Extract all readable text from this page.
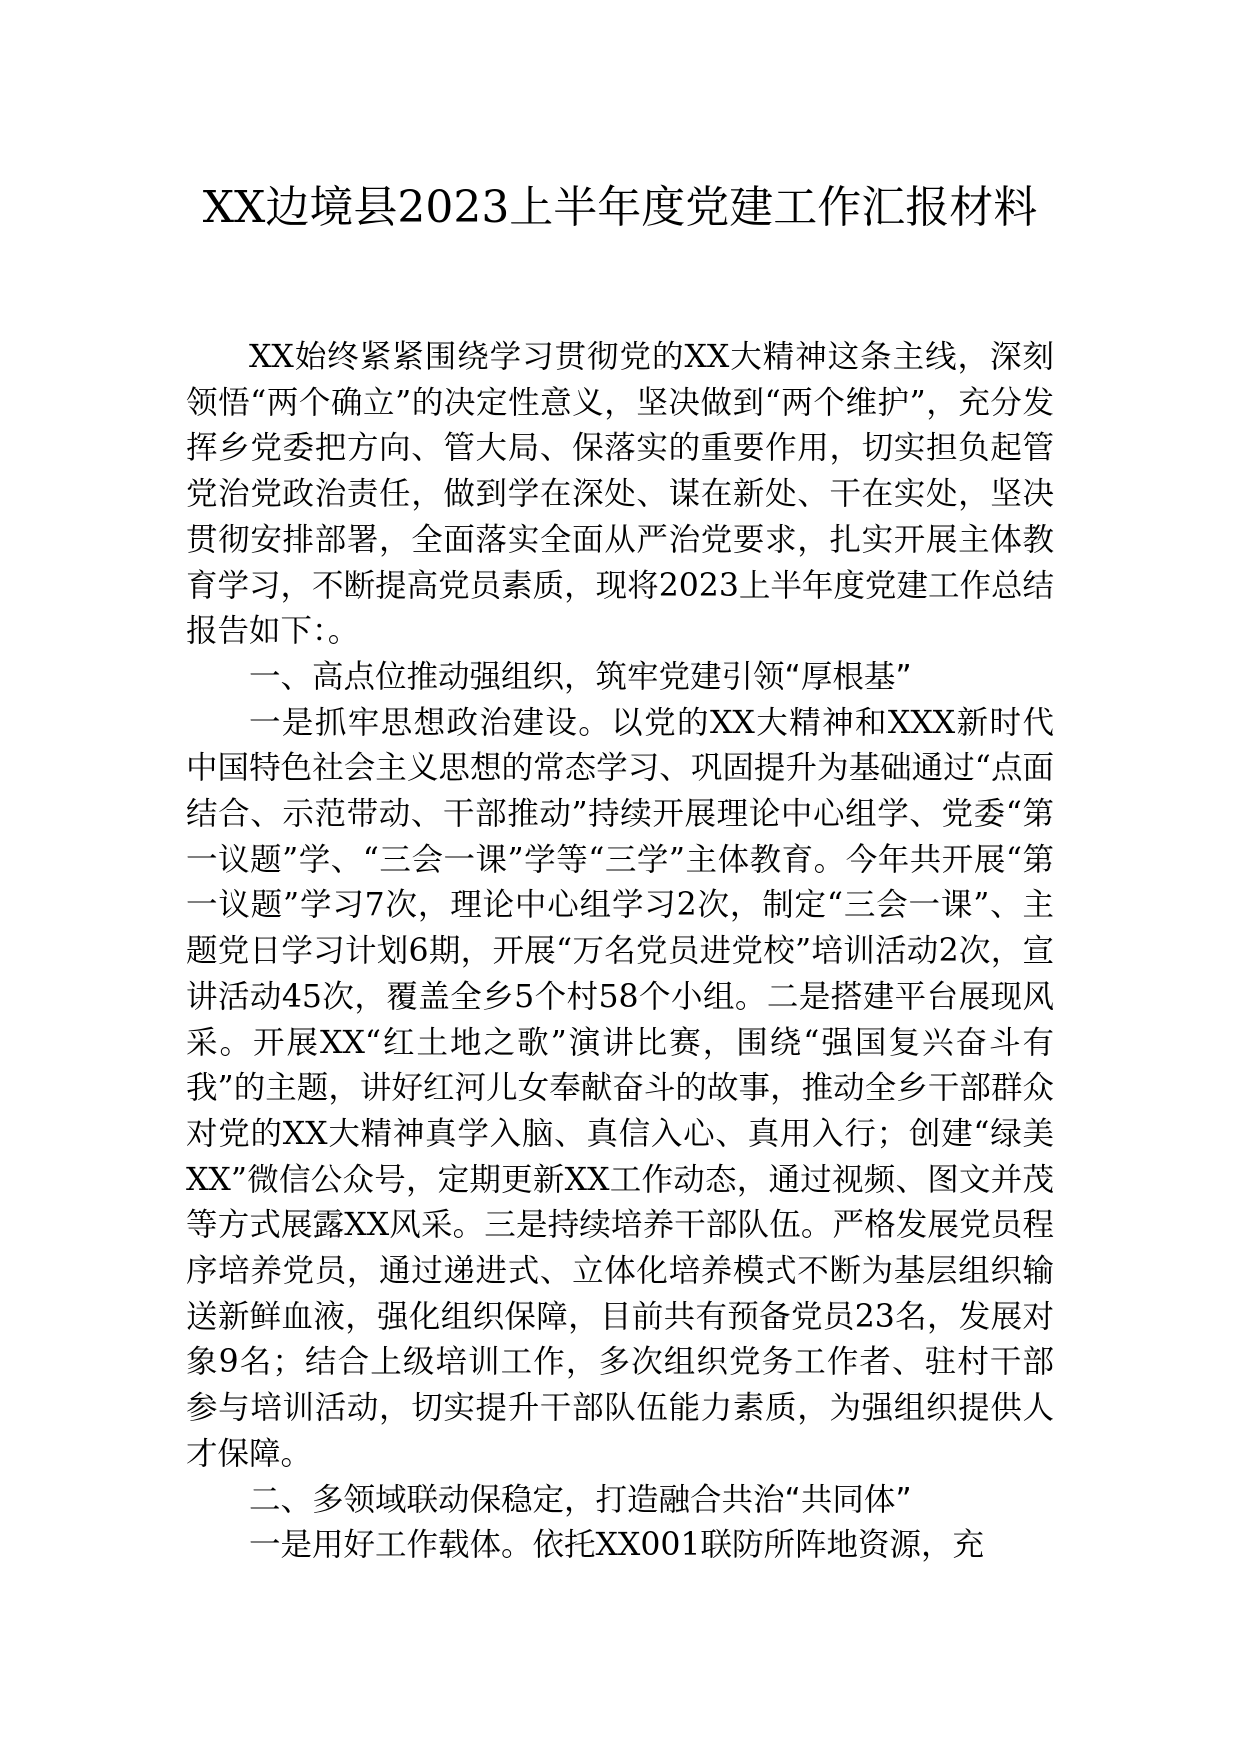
XX边境县2023上半年度党建工作汇报材料

XX始终紧紧围绕学习贯彻党的XX大精神这条主线，深刻领悟“两个确立”的决定性意义，坚决做到“两个维护”，充分发挥乡党委把方向、管大局、保落实的重要作用，切实担负起管党治党政治责任，做到学在深处、谋在新处、干在实处，坚决贯彻安排部署，全面落实全面从严治党要求，扎实开展主体教育学习，不断提高党员素质，现将2023上半年度党建工作总结报告如下：。

一、高点位推动强组织，筑牢党建引领“厚根基”

一是抓牢思想政治建设。以党的XX大精神和XXX新时代中国特色社会主义思想的常态学习、巩固提升为基础通过“点面结合、示范带动、干部推动”持续开展理论中心组学、党委“第一议题”学、“三会一课”学等“三学”主体教育。今年共开展“第一议题”学习7次，理论中心组学习2次，制定“三会一课”、主题党日学习计划6期，开展“万名党员进党校”培训活动2次，宣讲活动45次，覆盖全乡5个村58个小组。二是搭建平台展现风采。开展XX“红土地之歌”演讲比赛，围绕“强国复兴奋斗有我”的主题，讲好红河儿女奉献奋斗的故事，推动全乡干部群众对党的XX大精神真学入脑、真信入心、真用入行；创建“绿美XX”微信公众号，定期更新XX工作动态，通过视频、图文并茂等方式展露XX风采。三是持续培养干部队伍。严格发展党员程序培养党员，通过递进式、立体化培养模式不断为基层组织输送新鲜血液，强化组织保障，目前共有预备党员23名，发展对象9名；结合上级培训工作，多次组织党务工作者、驻村干部参与培训活动，切实提升干部队伍能力素质，为强组织提供人才保障。

二、多领域联动保稳定，打造融合共治“共同体”

一是用好工作载体。依托XX001联防所阵地资源，充
